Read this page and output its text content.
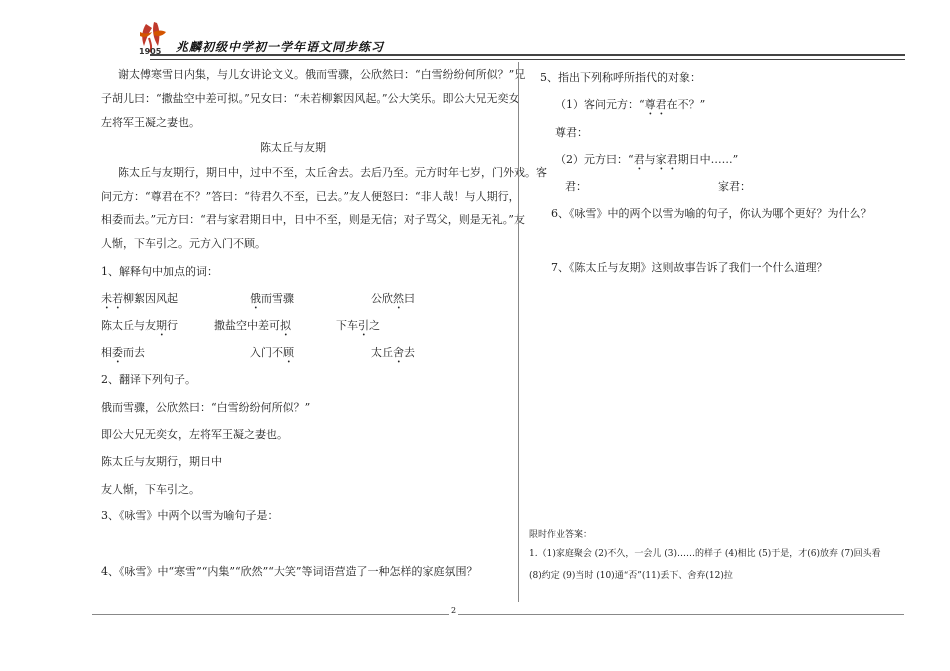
1905 兆麟初级中学初一学年语文同步练习
谢太傅寒雪日内集，与儿女讲论文义。俄而雪骤，公欣然曰：“白雪纷纷何所似？”兄
子胡儿曰：“撒盐空中差可拟。”兄女曰：“未若柳絮因风起。”公大笑乐。即公大兄无奕女
左将军王凝之妻也。
陈太丘与友期
陈太丘与友期行，期日中，过中不至，太丘舍去。去后乃至。元方时年七岁，门外戏。客
问元方：“尊君在不？”答曰：“待君久不至，已去。”友人便怒曰：“非人哉！与人期行，
相委而去。”元方曰：“君与家君期日中，日中不至，则是无信；对子骂父，则是无礼。”友
人惭，下车引之。元方入门不顾。
1、解释句中加点的词：
未若柳絮因风起	俄而雪骤	公欣然曰
陈太丘与友期行	撒盐空中差可拟	下车引之
相委而去	入门不顾	太丘舍去
2、翻译下列句子。
俄而雪骤，公欣然曰：“白雪纷纷何所似？”
即公大兄无奕女，左将军王凝之妻也。
陈太丘与友期行，期日中
友人惭，下车引之。
3、《咏雪》中两个以雪为喻句子是：
4、《咏雪》中“寒雪”“内集”“欣然”“大笑”等词语营造了一种怎样的家庭氛围？
5、指出下列称呼所指代的对象：
（1）客问元方：“尊君在不？”
尊君：
（2）元方曰：“君与家君期日中……”
君：	家君：
6、《咏雪》中的两个以雪为喻的句子，你认为哪个更好？为什么？
7、《陈太丘与友期》这则故事告诉了我们一个什么道理？
限时作业答案：
1.（1)家庭聚会 (2)不久，一会儿 (3)……的样子 (4)相比 (5)于是，才(6)放弃 (7)回头看
(8)约定 (9)当时 (10)通“否”(11)丢下、舍弃(12)拉
2
